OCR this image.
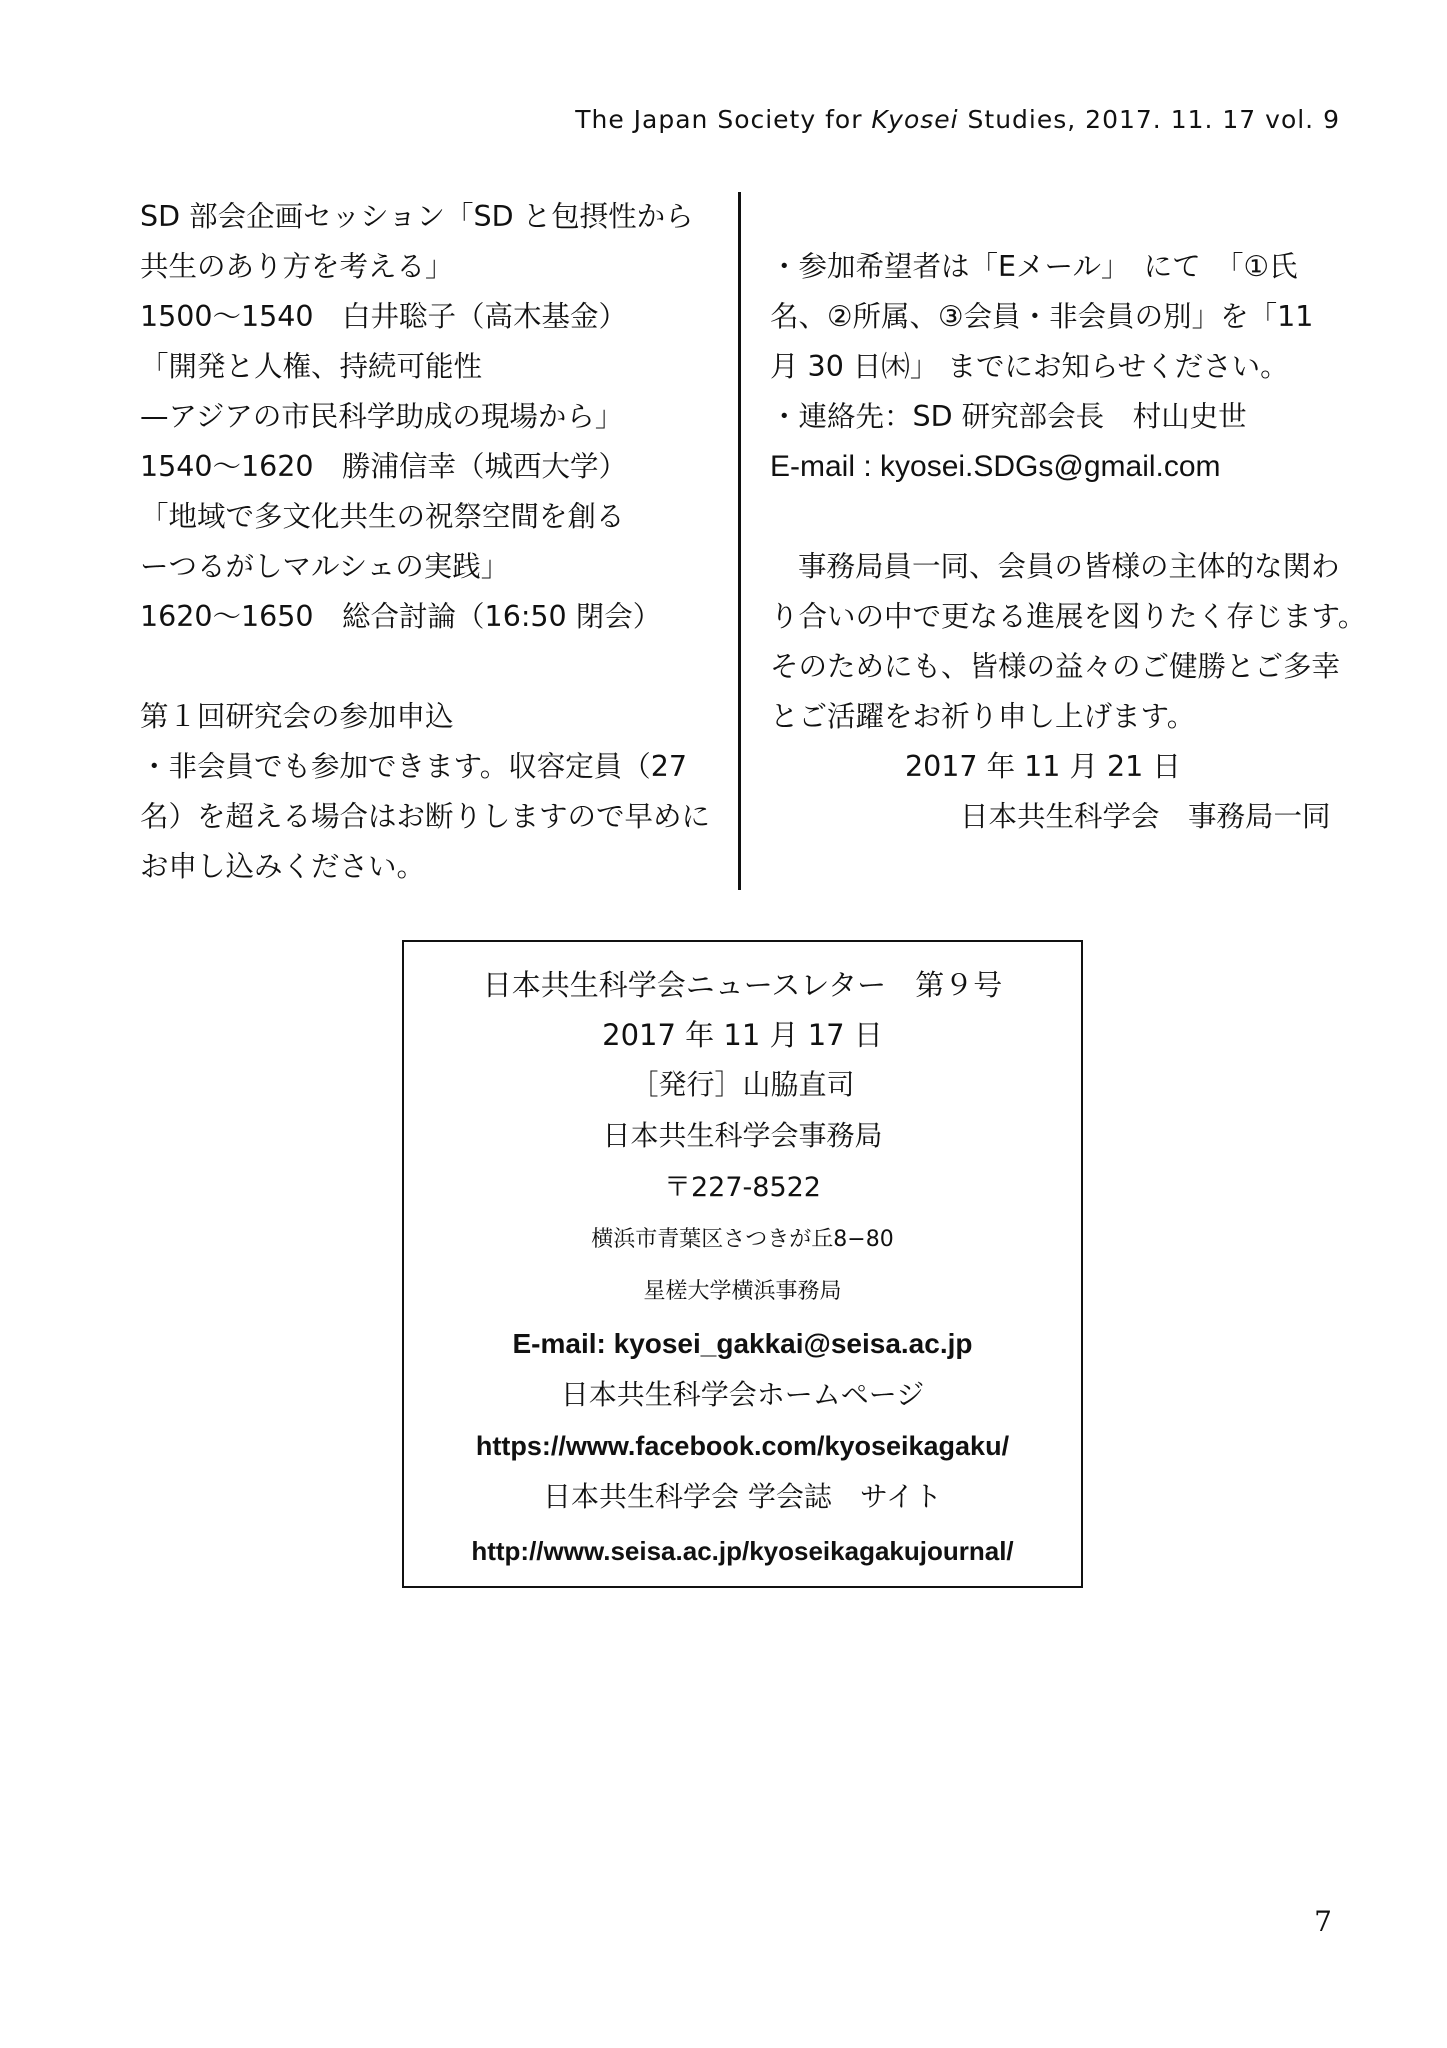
The Japan Society for Kyosei Studies, 2017. 11. 17 vol. 9
SD 部会企画セッション「SD と包摂性から
共生のあり方を考える」
1500〜1540　白井聡子（高木基金）
「開発と人権、持続可能性
—アジアの市民科学助成の現場から」
1540〜1620　勝浦信幸（城西大学）
「地域で多文化共生の祝祭空間を創る
ーつるがしマルシェの実践」
1620〜1650　総合討論（16:50 閉会）
第１回研究会の参加申込
・非会員でも参加できます。収容定員（27
名）を超える場合はお断りしますので早めに
お申し込みください。
・参加希望者は「Eメール」　にて　「①氏
名、②所属、③会員・非会員の別」を「11
月 30 日㈭」 までにお知らせください。
・連絡先：SD 研究部会長　村山史世
E-mail : kyosei.SDGs@gmail.com
事務局員一同、会員の皆様の主体的な関わ
り合いの中で更なる進展を図りたく存じます。
そのためにも、皆様の益々のご健勝とご多幸
とご活躍をお祈り申し上げます。
2017 年 11 月 21 日
日本共生科学会　事務局一同
日本共生科学会ニュースレター　第９号
2017 年 11 月 17 日
［発行］山脇直司
日本共生科学会事務局
〒227-8522
横浜市青葉区さつきが丘8−80
星槎大学横浜事務局
E-mail: kyosei_gakkai@seisa.ac.jp
日本共生科学会ホームページ
https://www.facebook.com/kyoseikagaku/
日本共生科学会 学会誌　サイト
http://www.seisa.ac.jp/kyoseikagakujournal/
7
